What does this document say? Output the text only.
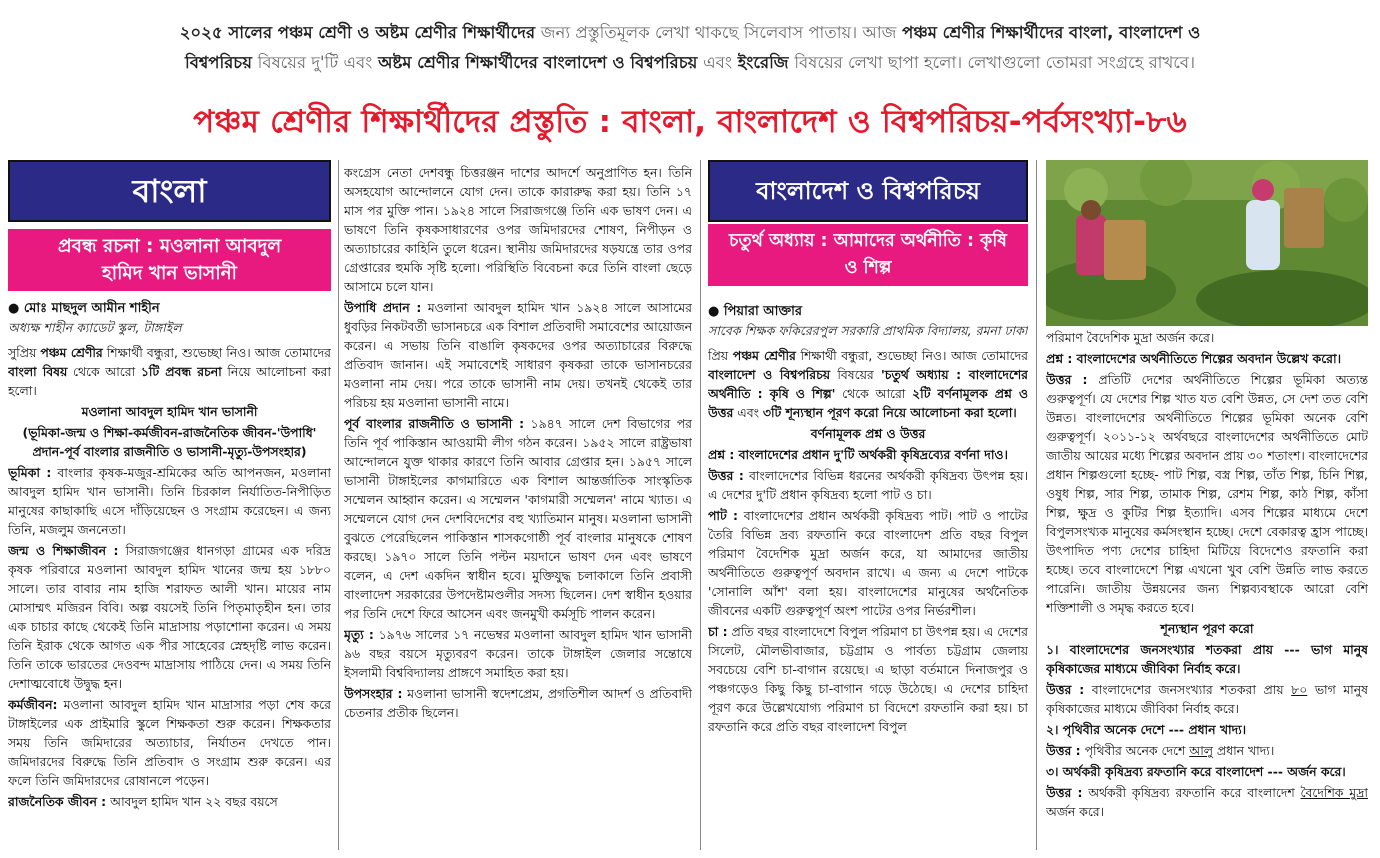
২০২৫ সালের পঞ্চম শ্রেণী ও অষ্টম শ্রেণীর শিক্ষার্থীদের জন্য প্রস্তুতিমূলক লেখা থাকছে সিলেবাস পাতায়। আজ পঞ্চম শ্রেণীর শিক্ষার্থীদের বাংলা, বাংলাদেশ ও
বিশ্বপরিচয় বিষয়ের দু'টি এবং অষ্টম শ্রেণীর শিক্ষার্থীদের বাংলাদেশ ও বিশ্বপরিচয় এবং ইংরেজি বিষয়ের লেখা ছাপা হলো। লেখাগুলো তোমরা সংগ্রহে রাখবে।
পঞ্চম শ্রেণীর শিক্ষার্থীদের প্রস্তুতি : বাংলা, বাংলাদেশ ও বিশ্বপরিচয়-পর্বসংখ্যা-৮৬
বাংলা
প্রবন্ধ রচনা : মওলানা আবদুল হামিদ খান ভাসানী
● মোঃ মাছদুল আমীন শাহীন
অধ্যক্ষ শাহীন ক্যাডেট স্কুল, টাঙ্গাইল

সুপ্রিয় পঞ্চম শ্রেণীর শিক্ষার্থী বন্ধুরা, শুভেচ্ছা নিও। আজ তোমাদের বাংলা বিষয় থেকে আরো ১টি প্রবন্ধ রচনা নিয়ে আলোচনা করা হলো।

মওলানা আবদুল হামিদ খান ভাসানী

(ভূমিকা-জন্ম ও শিক্ষা-কর্মজীবন-রাজনৈতিক জীবন-'উপাধি' প্রদান-পূর্ব বাংলার রাজনীতি ও ভাসানী-মৃত্যু-উপসংহার)

ভূমিকা : বাংলার কৃষক-মজুর-শ্রমিকের অতি আপনজন, মওলানা আবদুল হামিদ খান ভাসানী। তিনি চিরকাল নির্যাতিত-নিপীড়িত মানুষের কাছাকাছি এসে দাঁড়িয়েছেন ও সংগ্রাম করেছেন। এ জন্য তিনি, মজলুম জননেতা।

জন্ম ও শিক্ষাজীবন : সিরাজগঞ্জের ধানগড়া গ্রামের এক দরিদ্র কৃষক পরিবারে মওলানা আবদুল হামিদ খানের জন্ম হয় ১৮৮০ সালে। তার বাবার নাম হাজি শরাফত আলী খান। মায়ের নাম মোসাম্মৎ মজিরন বিবি। অল্প বয়সেই তিনি পিতৃমাতৃহীন হন। তার এক চাচার কাছে থেকেই তিনি মাদ্রাসায় পড়াশোনা করেন। এ সময় তিনি ইরাক থেকে আগত এক পীর সাহেবের স্নেহদৃষ্টি লাভ করেন। তিনি তাকে ভারতের দেওবন্দ মাদ্রাসায় পাঠিয়ে দেন। এ সময় তিনি দেশাত্মবোধে উদ্বুদ্ধ হন।

কর্মজীবন: মওলানা আবদুল হামিদ খান মাদ্রাসার পড়া শেষ করে টাঙ্গাইলের এক প্রাইমারি স্কুলে শিক্ষকতা শুরু করেন। শিক্ষকতার সময় তিনি জমিদারের অত্যাচার, নির্যাতন দেখতে পান। জমিদারদের বিরুদ্ধে তিনি প্রতিবাদ ও সংগ্রাম শুরু করেন। এর ফলে তিনি জমিদারদের রোষানলে পড়েন।

রাজনৈতিক জীবন : আবদুল হামিদ খান ২২ বছর বয়সে

কংগ্রেস নেতা দেশবন্ধু চিত্তরঞ্জন দাশের আদর্শে অনুপ্রাণিত হন। তিনি অসহযোগ আন্দোলনে যোগ দেন। তাকে কারারুদ্ধ করা হয়। তিনি ১৭ মাস পর মুক্তি পান। ১৯২৪ সালে সিরাজগঞ্জে তিনি এক ভাষণ দেন। এ ভাষণে তিনি কৃষকসাধারণের ওপর জমিদারদের শোষণ, নিপীড়ন ও অত্যাচারের কাহিনি তুলে ধরেন। স্থানীয় জমিদারদের ষড়যন্ত্রে তার ওপর গ্রেপ্তারের হুমকি সৃষ্টি হলো। পরিস্থিতি বিবেচনা করে তিনি বাংলা ছেড়ে আসামে চলে যান।

উপাধি প্রদান : মওলানা আবদুল হামিদ খান ১৯২৪ সালে আসামের ধুবড়ির নিকটবর্তী ভাসানচরে এক বিশাল প্রতিবাদী সমাবেশের আয়োজন করেন। এ সভায় তিনি বাঙালি কৃষকদের ওপর অত্যাচারের বিরুদ্ধে প্রতিবাদ জানান। এই সমাবেশেই সাধারণ কৃষকরা তাকে ভাসানচরের মওলানা নাম দেয়। পরে তাকে ভাসানী নাম দেয়। তখনই থেকেই তার পরিচয় হয় মওলানা ভাসানী নামে।

পূর্ব বাংলার রাজনীতি ও ভাসানী : ১৯৪৭ সালে দেশ বিভাগের পর তিনি পূর্ব পাকিস্তান আওয়ামী লীগ গঠন করেন। ১৯৫২ সালে রাষ্ট্রভাষা আন্দোলনে যুক্ত থাকার কারণে তিনি আবার গ্রেপ্তার হন। ১৯৫৭ সালে ভাসানী টাঙ্গাইলের কাগমারিতে এক বিশাল আন্তর্জাতিক সাংস্কৃতিক সম্মেলন আহ্বান করেন। এ সম্মেলন 'কাগমারী সম্মেলন' নামে খ্যাত। এ সম্মেলনে যোগ দেন দেশবিদেশের বহু খ্যাতিমান মানুষ। মওলানা ভাসানী বুঝতে পেরেছিলেন পাকিস্তান শাসকগোষ্ঠী পূর্ব বাংলার মানুষকে শোষণ করছে। ১৯৭০ সালে তিনি পল্টন ময়দানে ভাষণ দেন এবং ভাষণে বলেন, এ দেশ একদিন স্বাধীন হবে। মুক্তিযুদ্ধ চলাকালে তিনি প্রবাসী বাংলাদেশ সরকারের উপদেষ্টামণ্ডলীর সদস্য ছিলেন। দেশ স্বাধীন হওয়ার পর তিনি দেশে ফিরে আসেন এবং জনমুখী কর্মসূচি পালন করেন।

মৃত্যু : ১৯৭৬ সালের ১৭ নভেম্বর মওলানা আবদুল হামিদ খান ভাসানী ৯৬ বছর বয়সে মৃত্যুবরণ করেন। তাকে টাঙ্গাইল জেলার সন্তোষে ইসলামী বিশ্ববিদ্যালয় প্রাঙ্গণে সমাহিত করা হয়।

উপসংহার : মওলানা ভাসানী স্বদেশপ্রেম, প্রগতিশীল আদর্শ ও প্রতিবাদী চেতনার প্রতীক ছিলেন।

বাংলাদেশ ও বিশ্বপরিচয়
চতুর্থ অধ্যায় : আমাদের অর্থনীতি : কৃষি ও শিল্প
● পিয়ারা আক্তার
সাবেক শিক্ষক ফকিরেরপুল সরকারি প্রাথমিক বিদ্যালয়, রমনা ঢাকা

প্রিয় পঞ্চম শ্রেণীর শিক্ষার্থী বন্ধুরা, শুভেচ্ছা নিও। আজ তোমাদের বাংলাদেশ ও বিশ্বপরিচয় বিষয়ের 'চতুর্থ অধ্যায় : বাংলাদেশের অর্থনীতি : কৃষি ও শিল্প' থেকে আরো ২টি বর্ণনামূলক প্রশ্ন ও উত্তর এবং ৩টি শূন্যস্থান পূরণ করো নিয়ে আলোচনা করা হলো।

বর্ণনামূলক প্রশ্ন ও উত্তর

প্রশ্ন : বাংলাদেশের প্রধান দু'টি অর্থকরী কৃষিদ্রব্যের বর্ণনা দাও।

উত্তর : বাংলাদেশের বিভিন্ন ধরনের অর্থকরী কৃষিদ্রব্য উৎপন্ন হয়। এ দেশের দু'টি প্রধান কৃষিদ্রব্য হলো পাট ও চা।

পাট : বাংলাদেশের প্রধান অর্থকরী কৃষিদ্রব্য পাট। পাট ও পাটের তৈরি বিভিন্ন দ্রব্য রফতানি করে বাংলাদেশ প্রতি বছর বিপুল পরিমাণ বৈদেশিক মুদ্রা অর্জন করে, যা আমাদের জাতীয় অর্থনীতিতে গুরুত্বপূর্ণ অবদান রাখে। এ জন্য এ দেশে পাটকে 'সোনালি আঁশ' বলা হয়। বাংলাদেশের মানুষের অর্থনৈতিক জীবনের একটি গুরুত্বপূর্ণ অংশ পাটের ওপর নির্ভরশীল।

চা : প্রতি বছর বাংলাদেশে বিপুল পরিমাণ চা উৎপন্ন হয়। এ দেশের সিলেট, মৌলভীবাজার, চট্টগ্রাম ও পার্বত্য চট্টগ্রাম জেলায় সবচেয়ে বেশি চা-বাগান রয়েছে। এ ছাড়া বর্তমানে দিনাজপুর ও পঞ্চগড়েও কিছু কিছু চা-বাগান গড়ে উঠেছে। এ দেশের চাহিদা পূরণ করে উল্লেখযোগ্য পরিমাণ চা বিদেশে রফতানি করা হয়। চা রফতানি করে প্রতি বছর বাংলাদেশ বিপুল

পরিমাণ বৈদেশিক মুদ্রা অর্জন করে।

প্রশ্ন : বাংলাদেশের অর্থনীতিতে শিল্পের অবদান উল্লেখ করো।

উত্তর : প্রতিটি দেশের অর্থনীতিতে শিল্পের ভূমিকা অত্যন্ত গুরুত্বপূর্ণ। যে দেশের শিল্প খাত যত বেশি উন্নত, সে দেশ তত বেশি উন্নত। বাংলাদেশের অর্থনীতিতে শিল্পের ভূমিকা অনেক বেশি গুরুত্বপূর্ণ। ২০১১-১২ অর্থবছরে বাংলাদেশের অর্থনীতিতে মোট জাতীয় আয়ের মধ্যে শিল্পের অবদান প্রায় ৩০ শতাংশ। বাংলাদেশের প্রধান শিল্পগুলো হচ্ছে- পাট শিল্প, বস্ত্র শিল্প, তাঁত শিল্প, চিনি শিল্প, ওষুধ শিল্প, সার শিল্প, তামাক শিল্প, রেশম শিল্প, কাঠ শিল্প, কাঁসা শিল্প, ক্ষুদ্র ও কুটির শিল্প ইত্যাদি। এসব শিল্পের মাধ্যমে দেশে বিপুলসংখ্যক মানুষের কর্মসংস্থান হচ্ছে। দেশে বেকারত্ব হ্রাস পাচ্ছে। উৎপাদিত পণ্য দেশের চাহিদা মিটিয়ে বিদেশেও রফতানি করা হচ্ছে। তবে বাংলাদেশে শিল্প এখনো খুব বেশি উন্নতি লাভ করতে পারেনি। জাতীয় উন্নয়নের জন্য শিল্পব্যবস্থাকে আরো বেশি শক্তিশালী ও সমৃদ্ধ করতে হবে।

শূন্যস্থান পূরণ করো

১। বাংলাদেশের জনসংখ্যার শতকরা প্রায় --- ভাগ মানুষ কৃষিকাজের মাধ্যমে জীবিকা নির্বাহ করে।

উত্তর : বাংলাদেশের জনসংখ্যার শতকরা প্রায় ৮০ ভাগ মানুষ কৃষিকাজের মাধ্যমে জীবিকা নির্বাহ করে।

২। পৃথিবীর অনেক দেশে --- প্রধান খাদ্য।

উত্তর : পৃথিবীর অনেক দেশে আলু প্রধান খাদ্য।

৩। অর্থকরী কৃষিদ্রব্য রফতানি করে বাংলাদেশ --- অর্জন করে।

উত্তর : অর্থকরী কৃষিদ্রব্য রফতানি করে বাংলাদেশ বৈদেশিক মুদ্রা অর্জন করে।
